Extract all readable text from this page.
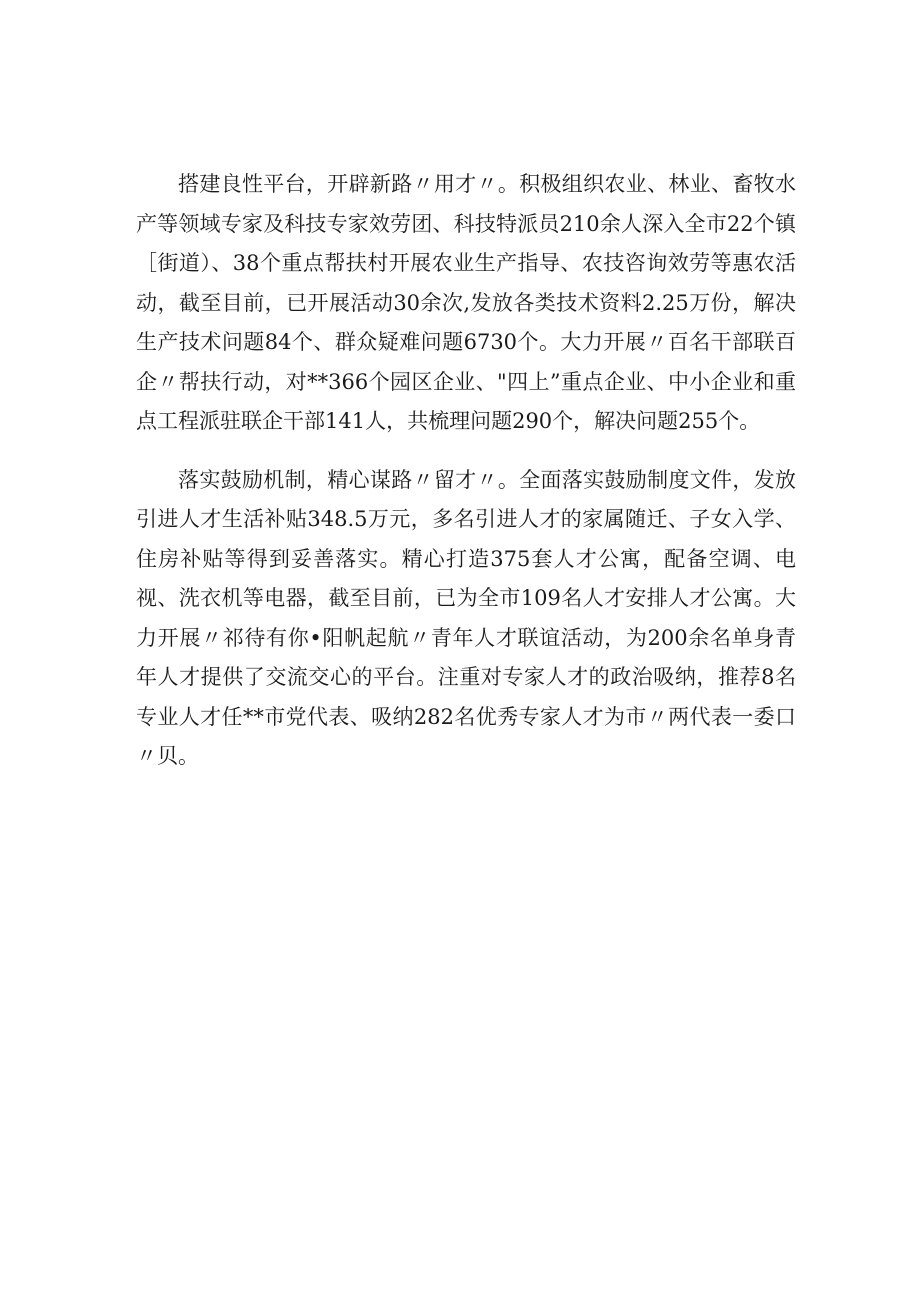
搭建良性平台，开辟新路〃用才〃。积极组织农业、林业、畜牧水产等领域专家及科技专家效劳团、科技特派员210余人深入全市22个镇［街道）、38个重点帮扶村开展农业生产指导、农技咨询效劳等惠农活动，截至目前，已开展活动30余次,发放各类技术资料2.25万份，解决生产技术问题84个、群众疑难问题6730个。大力开展〃百名干部联百企〃帮扶行动，对**366个园区企业、"四上”重点企业、中小企业和重点工程派驻联企干部141人，共梳理问题290个，解决问题255个。

落实鼓励机制，精心谋路〃留才〃。全面落实鼓励制度文件，发放引进人才生活补贴348.5万元，多名引进人才的家属随迁、子女入学、住房补贴等得到妥善落实。精心打造375套人才公寓，配备空调、电视、洗衣机等电器，截至目前，已为全市109名人才安排人才公寓。大力开展〃祁待有你•阳帆起航〃青年人才联谊活动，为200余名单身青年人才提供了交流交心的平台。注重对专家人才的政治吸纳，推荐8名专业人才任**市党代表、吸纳282名优秀专家人才为市〃两代表一委口〃贝。
